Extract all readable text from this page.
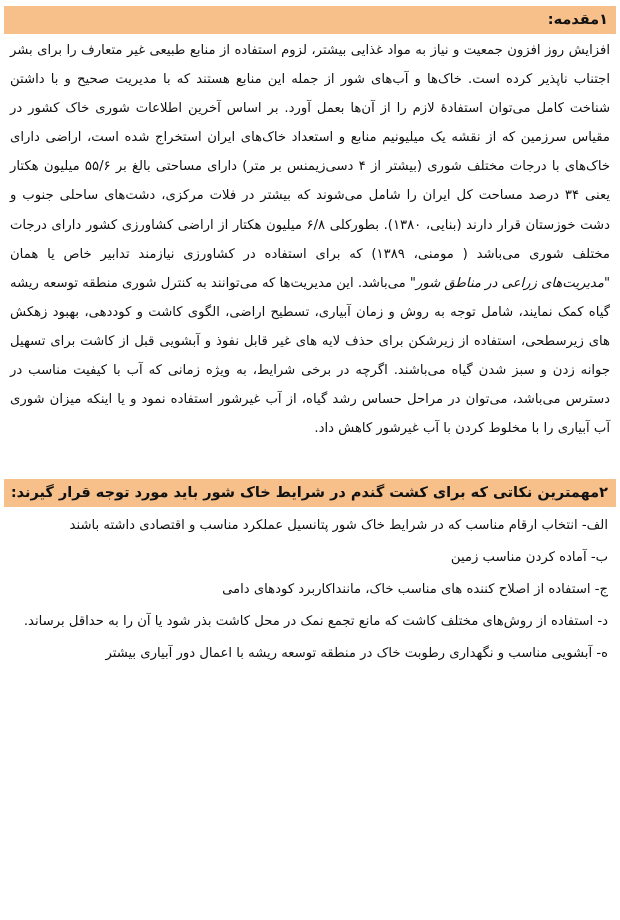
۱مقدمه:

افزایش روز افزون جمعیت و نیاز به مواد غذایی بیشتر، لزوم استفاده از منابع طبیعی غیر متعارف را برای بشر اجتناب ناپذیر کرده است. خاک‌ها و آب‌های شور از جمله این منابع هستند که با مدیریت صحیح و با داشتن شناخت کامل می‌توان استفادهٔ لازم را از آن‌ها بعمل آورد. بر اساس آخرین اطلاعات شوری خاک کشور در مقیاس سرزمین که از نقشه یک میلیونیم منابع و استعداد خاک‌های ایران استخراج شده است، اراضی دارای خاک‌های با درجات مختلف شوری (بیشتر از ۴ دسی‌زیمنس بر متر) دارای مساحتی بالغ بر ۵۵/۶ میلیون هکتار یعنی ۳۴ درصد مساحت کل ایران را شامل می‌شوند که بیشتر در فلات مرکزی، دشت‌های ساحلی جنوب و دشت خوزستان قرار دارند (بنایی، ۱۳۸۰). بطورکلی ۶/۸ میلیون هکتار از اراضی کشاورزی کشور دارای درجات مختلف شوری می‌باشد ( مومنی، ۱۳۸۹) که برای استفاده در کشاورزی نیازمند تدابیر خاص یا همان "مدیریت‌های زراعی در مناطق شور" می‌باشد. این مدیریت‌ها که می‌توانند به کنترل شوری منطقه توسعه ریشه گیاه کمک نمایند، شامل توجه به روش و زمان آبیاری، تسطیح اراضی، الگوی کاشت و کوددهی، بهبود زهکش های زیرسطحی، استفاده از زیرشکن برای حذف لایه های غیر قابل نفوذ و آبشویی قبل از کاشت برای تسهیل جوانه زدن و سبز شدن گیاه می‌باشند. اگرچه در برخی شرایط، به ویژه زمانی که آب با کیفیت مناسب در دسترس می‌باشد، می‌توان در مراحل حساس رشد گیاه، از آب غیرشور استفاده نمود و یا اینکه میزان شوری آب آبیاری را با مخلوط کردن با آب غیرشور کاهش داد.

۲مهمترین نکاتی که برای کشت گندم در شرایط خاک شور باید مورد توجه قرار گیرند:
الف- انتخاب ارقام مناسب که در شرایط خاک شور پتانسیل عملکرد مناسب و اقتصادی داشته باشند
ب- آماده کردن مناسب زمین
ج- استفاده از اصلاح کننده های مناسب خاک، ماننداکاربرد کودهای دامی
د- استفاده از روش‌های مختلف کاشت که مانع تجمع نمک در محل کاشت بذر شود یا آن را به حداقل برساند.
ه- آبشویی مناسب و نگهداری رطوبت خاک در منطقه توسعه ریشه با اعمال دور آبیاری بیشتر
